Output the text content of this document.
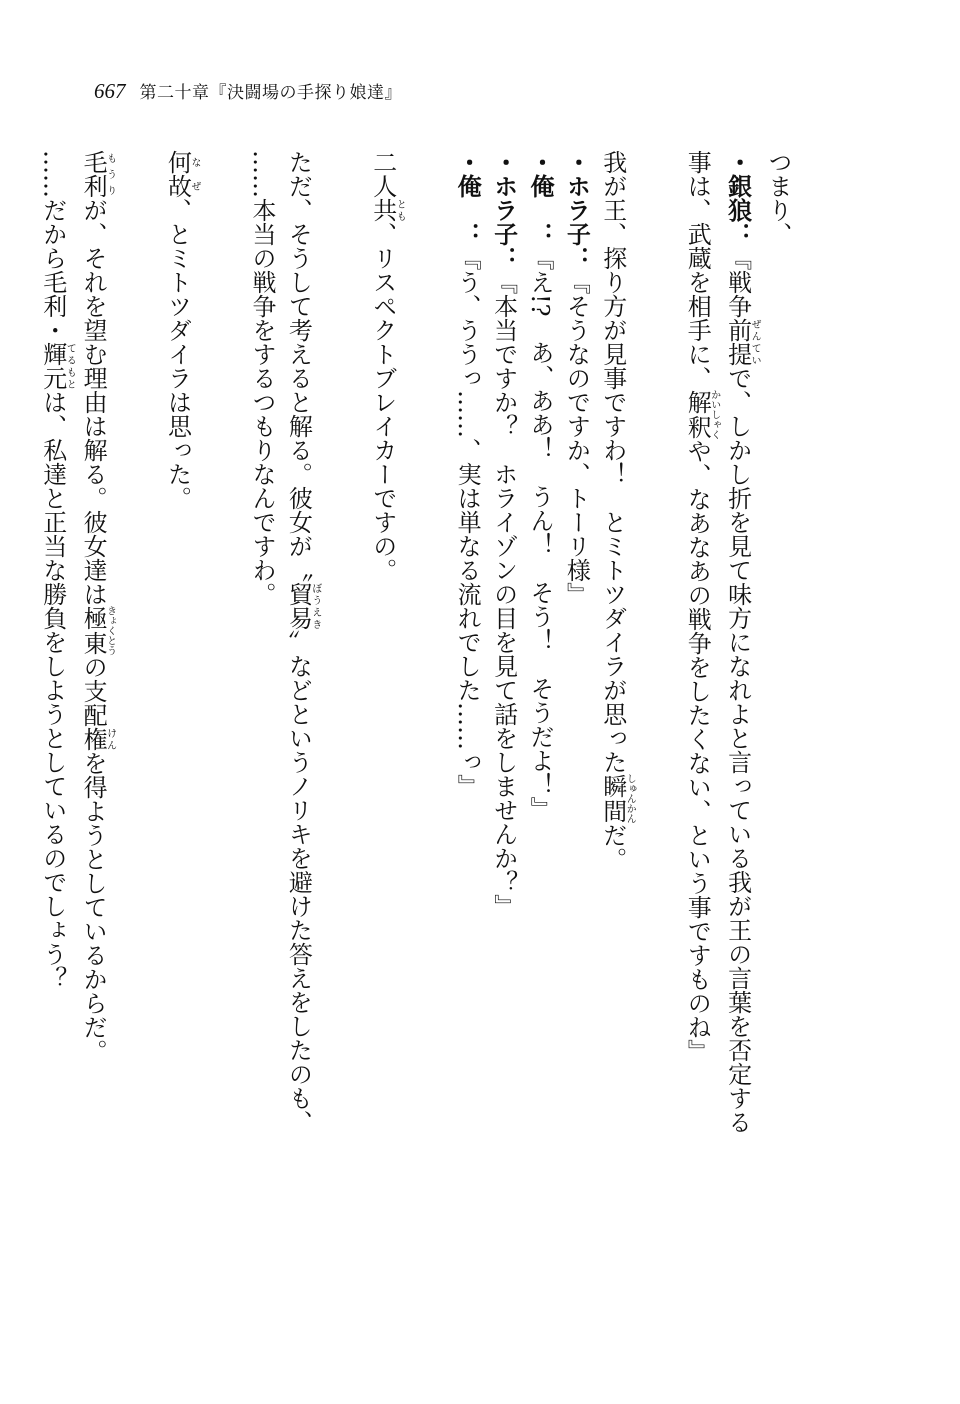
667 第二十章『決闘場の手探り娘達』
つまり、
・銀狼：『戦争前提ぜんていで、しかし折を見て味方になれよと言っている我が王の言葉を否定する
事は、武蔵を相手に、解釈かいしゃくや、なあなあの戦争をしたくない、という事ですものね』
我が王、探り方が見事ですわ！　とミトツダイラが思った瞬間しゅんかんだ。
・ホラ子：『そうなのですか、トーリ様』
・俺　：『え!?　あ、ああ！　うん！　そう！　そうだよ！』
・ホラ子：『本当ですか？　ホライゾンの目を見て話をしませんか？』
・俺　：『う、ううっ……、実は単なる流れでした……っ』
二人共とも、リスペクトブレイカーですの。
ただ、そうして考えると解る。彼女が〝貿易ぼうえき〟などというノリキを避けた答えをしたのも、
……本当の戦争をするつもりなんですわ。
何故なぜ、とミトツダイラは思った。
毛利もうりが、それを望む理由は解る。彼女達は極東きょくとうの支配権けんを得ようとしているからだ。
……だから毛利・輝元てるもとは、私達と正当な勝負をしようとしているのでしょう？
